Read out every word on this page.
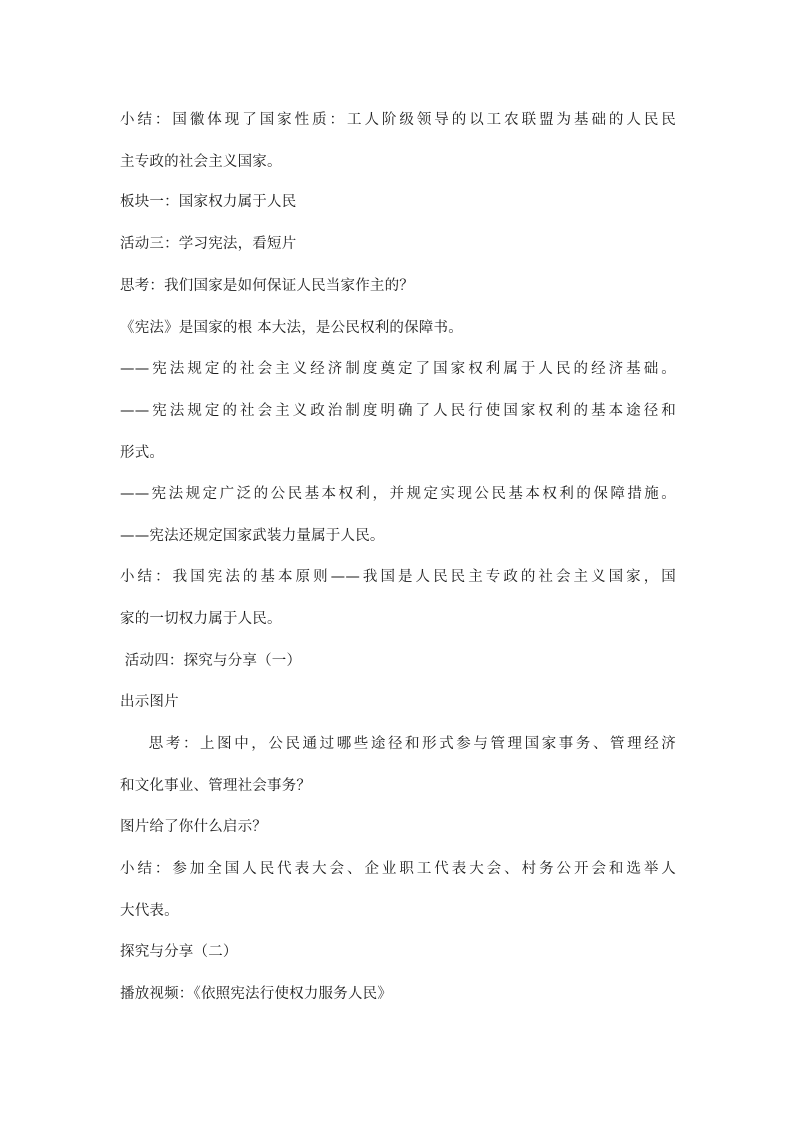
小结：国徽体现了国家性质：工人阶级领导的以工农联盟为基础的人民民
主专政的社会主义国家。
板块一：国家权力属于人民
活动三：学习宪法，看短片
思考：我们国家是如何保证人民当家作主的？
《宪法》是国家的根 本大法，是公民权利的保障书。
——宪法规定的社会主义经济制度奠定了国家权利属于人民的经济基础。
——宪法规定的社会主义政治制度明确了人民行使国家权利的基本途径和
形式。
——宪法规定广泛的公民基本权利，并规定实现公民基本权利的保障措施。
——宪法还规定国家武装力量属于人民。
小结：我国宪法的基本原则——我国是人民民主专政的社会主义国家，国
家的一切权力属于人民。
活动四：探究与分享（一）
出示图片
思考：上图中，公民通过哪些途径和形式参与管理国家事务、管理经济
和文化事业、管理社会事务？
图片给了你什么启示？
小结：参加全国人民代表大会、企业职工代表大会、村务公开会和选举人
大代表。
探究与分享（二）
播放视频：《依照宪法行使权力服务人民》
